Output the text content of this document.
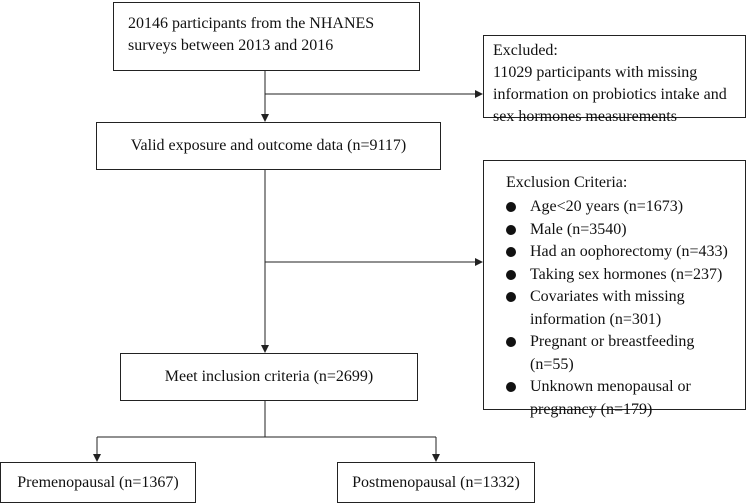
20146 participants from the NHANES surveys between 2013 and 2016	Excluded:
11029 participants with missing information on probiotics intake and sex hormones measurements
Valid exposure and outcome data (n=9117)
Exclusion Criteria:
Age<20 years (n=1673)
Male (n=3540)
Had an oophorectomy (n=433)
Taking sex hormones (n=237)
Covariates with missing information (n=301)
Pregnant or breastfeeding (n=55)
Unknown menopausal or pregnancy (n=179)
Meet inclusion criteria (n=2699)
Premenopausal (n=1367)	Postmenopausal (n=1332)
